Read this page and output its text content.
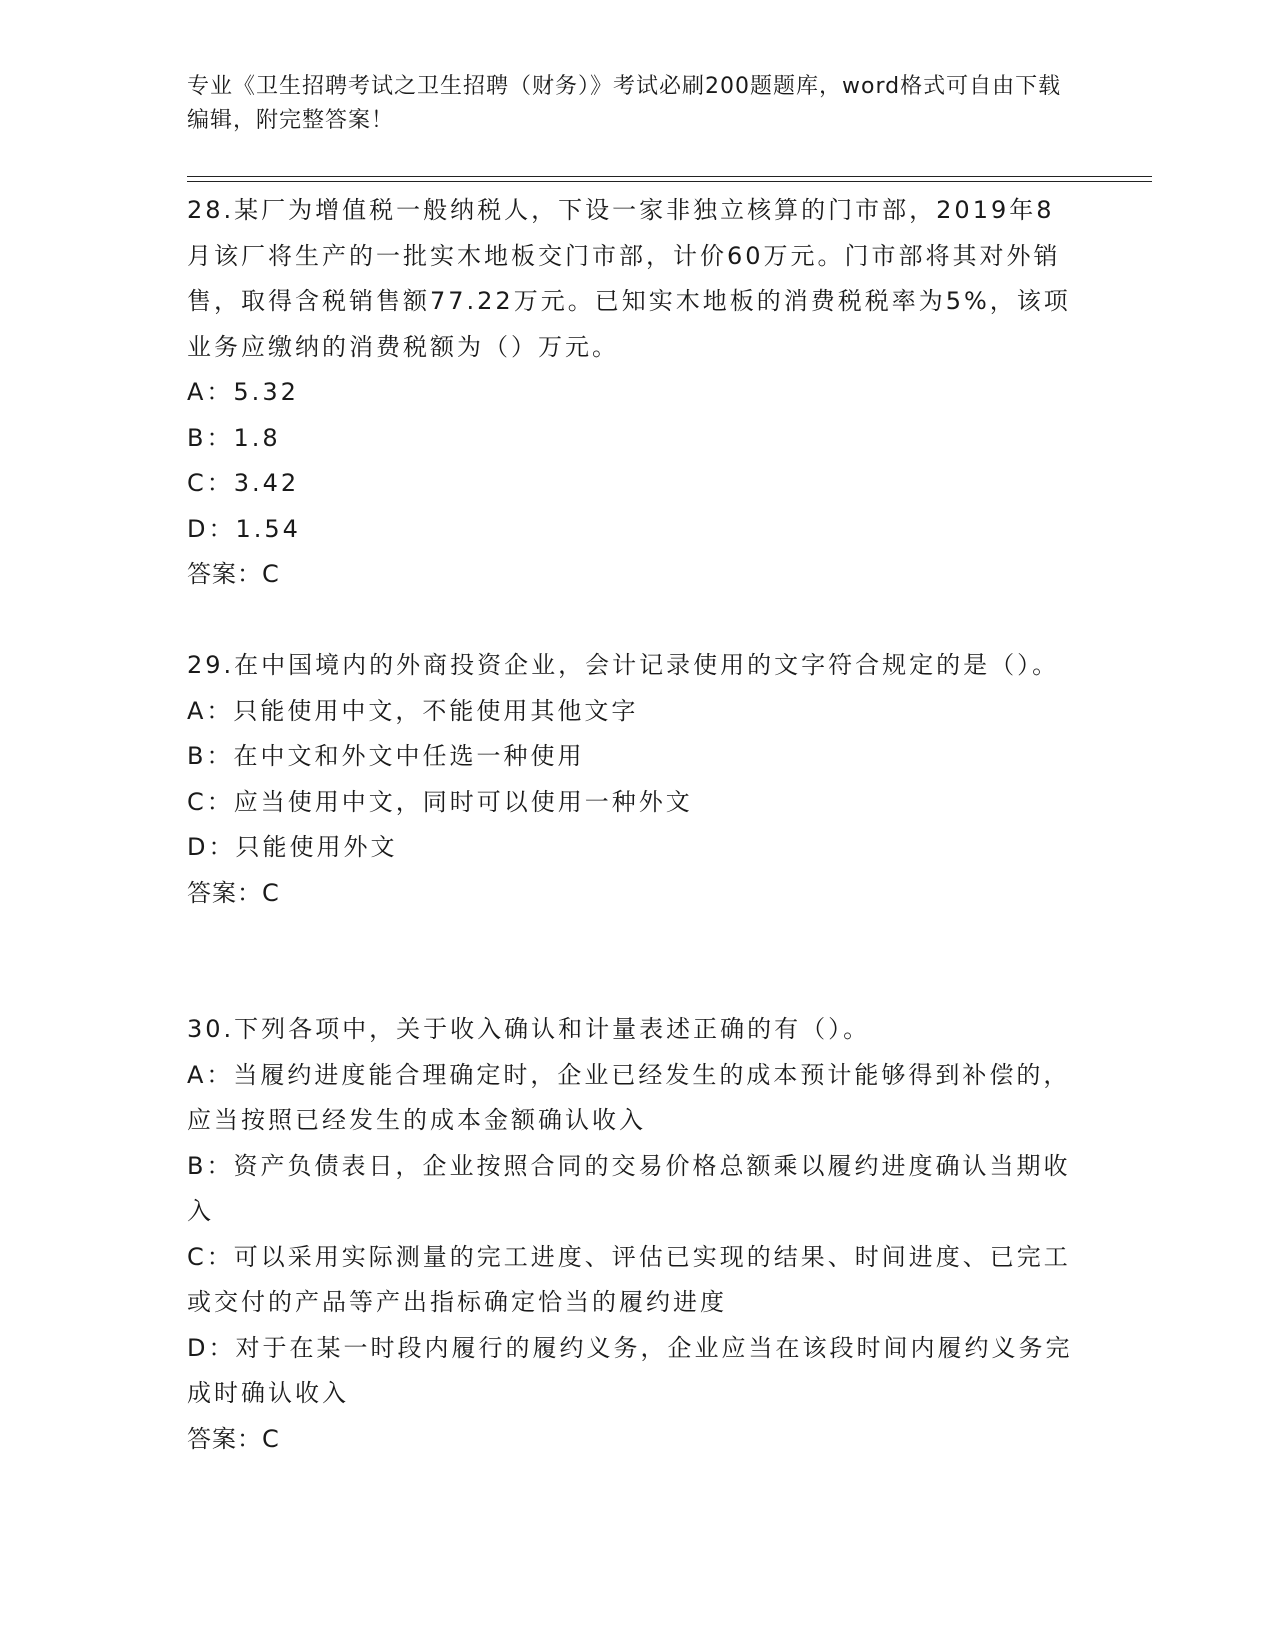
专业《卫生招聘考试之卫生招聘（财务）》考试必刷200题题库，word格式可自由下载编辑，附完整答案！

28.某厂为增值税一般纳税人，下设一家非独立核算的门市部，2019年8月该厂将生产的一批实木地板交门市部，计价60万元。门市部将其对外销售，取得含税销售额77.22万元。已知实木地板的消费税税率为5%，该项业务应缴纳的消费税额为（）万元。

A：5.32

B：1.8

C：3.42

D：1.54

答案：C

29.在中国境内的外商投资企业，会计记录使用的文字符合规定的是（）。

A：只能使用中文，不能使用其他文字

B：在中文和外文中任选一种使用

C：应当使用中文，同时可以使用一种外文

D：只能使用外文

答案：C

30.下列各项中，关于收入确认和计量表述正确的有（）。

A：当履约进度能合理确定时，企业已经发生的成本预计能够得到补偿的，应当按照已经发生的成本金额确认收入

B：资产负债表日，企业按照合同的交易价格总额乘以履约进度确认当期收入

C：可以采用实际测量的完工进度、评估已实现的结果、时间进度、已完工或交付的产品等产出指标确定恰当的履约进度

D：对于在某一时段内履行的履约义务，企业应当在该段时间内履约义务完成时确认收入

答案：C
